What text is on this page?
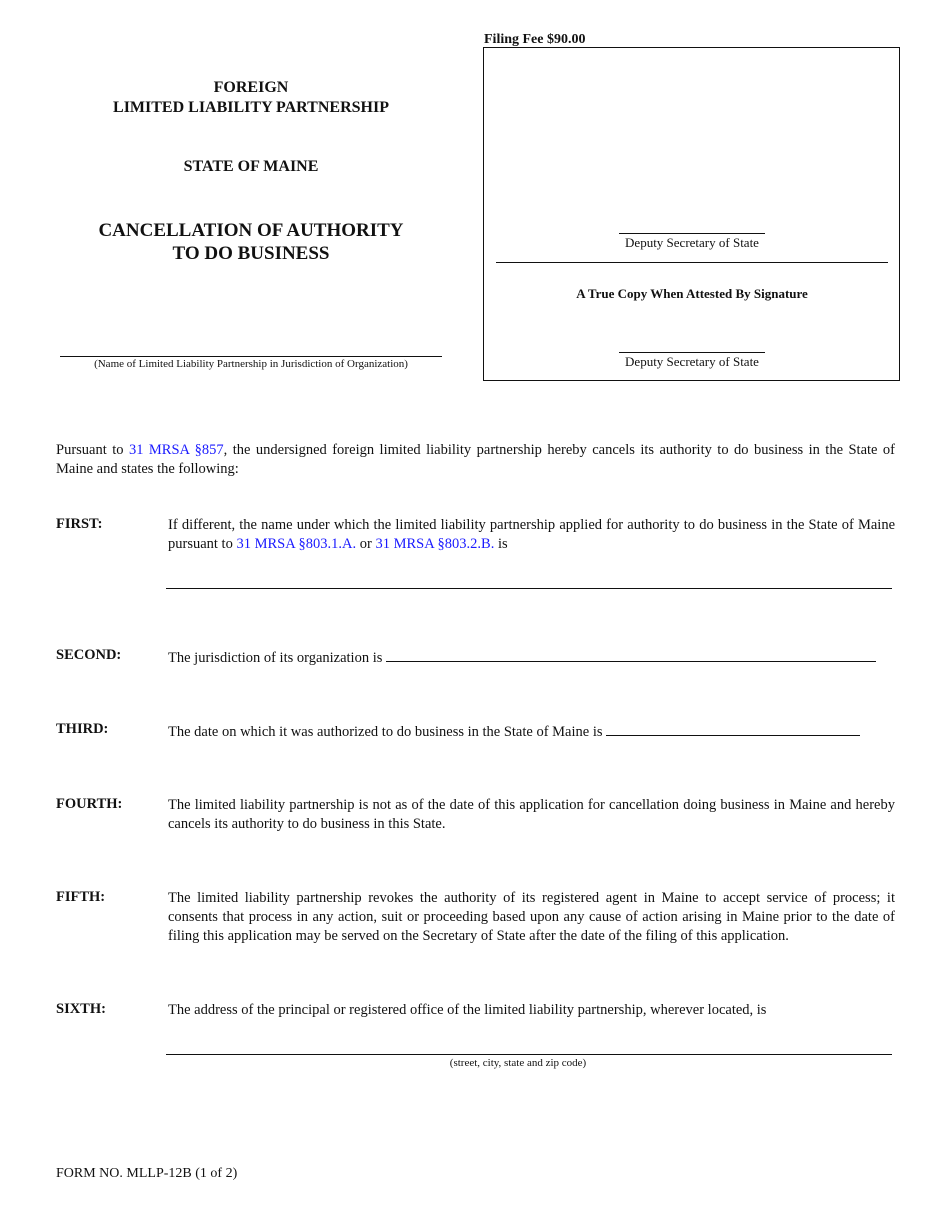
FOREIGN
LIMITED LIABILITY PARTNERSHIP
STATE OF MAINE
CANCELLATION OF AUTHORITY
TO DO BUSINESS
(Name of Limited Liability Partnership in Jurisdiction of Organization)
Filing Fee $90.00
Deputy Secretary of State
A True Copy When Attested By Signature
Deputy Secretary of State
Pursuant to 31 MRSA §857, the undersigned foreign limited liability partnership hereby cancels its authority to do business in the State of Maine and states the following:
FIRST:	If different, the name under which the limited liability partnership applied for authority to do business in the State of Maine pursuant to 31 MRSA §803.1.A. or 31 MRSA §803.2.B. is
SECOND:	The jurisdiction of its organization is
THIRD:	The date on which it was authorized to do business in the State of Maine is
FOURTH:	The limited liability partnership is not as of the date of this application for cancellation doing business in Maine and hereby cancels its authority to do business in this State.
FIFTH:	The limited liability partnership revokes the authority of its registered agent in Maine to accept service of process; it consents that process in any action, suit or proceeding based upon any cause of action arising in Maine prior to the date of filing this application may be served on the Secretary of State after the date of the filing of this application.
SIXTH:	The address of the principal or registered office of the limited liability partnership, wherever located, is
(street, city, state and zip code)
FORM NO. MLLP-12B (1 of 2)
